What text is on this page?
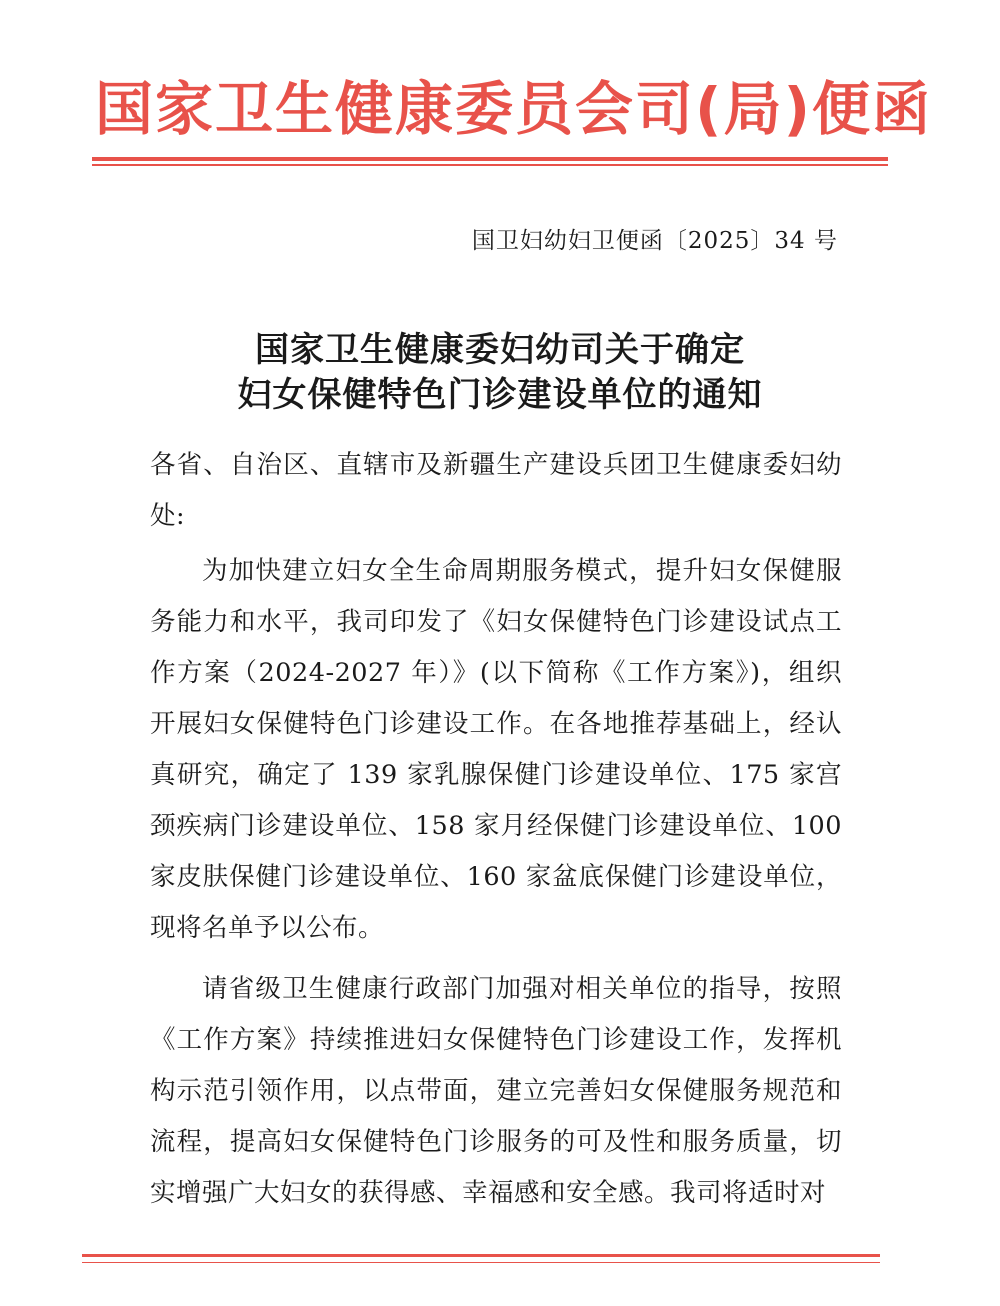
国家卫生健康委员会司(局)便函
国卫妇幼妇卫便函〔2025〕34 号
国家卫生健康委妇幼司关于确定
妇女保健特色门诊建设单位的通知

各省、自治区、直辖市及新疆生产建设兵团卫生健康委妇幼处:

为加快建立妇女全生命周期服务模式，提升妇女保健服务能力和水平，我司印发了《妇女保健特色门诊建设试点工作方案（2024-2027 年）》(以下简称《工作方案》)，组织开展妇女保健特色门诊建设工作。在各地推荐基础上，经认真研究，确定了 139 家乳腺保健门诊建设单位、175 家宫颈疾病门诊建设单位、158 家月经保健门诊建设单位、100 家皮肤保健门诊建设单位、160 家盆底保健门诊建设单位，现将名单予以公布。

请省级卫生健康行政部门加强对相关单位的指导，按照《工作方案》持续推进妇女保健特色门诊建设工作，发挥机构示范引领作用，以点带面，建立完善妇女保健服务规范和流程，提高妇女保健特色门诊服务的可及性和服务质量，切实增强广大妇女的获得感、幸福感和安全感。我司将适时对
